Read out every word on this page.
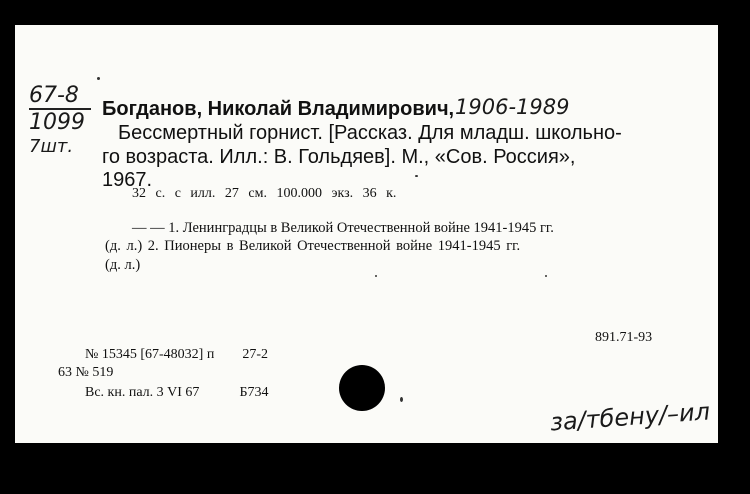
67-8
1099
7шт.
Богданов, Николай Владимирович, 1906-1989
Бессмертный горнист. [Рассказ. Для младш. школьно-
го возраста. Илл.: В. Гольдяев]. М., «Сов. Россия»,
1967.
32 с. с илл. 27 см. 100.000 экз. 36 к.
— — 1. Ленинградцы в Великой Отечественной войне 1941-1945 гг.
(д. л.) 2. Пионеры в Великой Отечественной войне 1941-1945 гг.
(д. л.)
891.71-93
№ 15345 [67-48032] п 27-2
63 № 519
Вс. кн. пал. 3 VI 67	Б734
за/тбену/–ил
